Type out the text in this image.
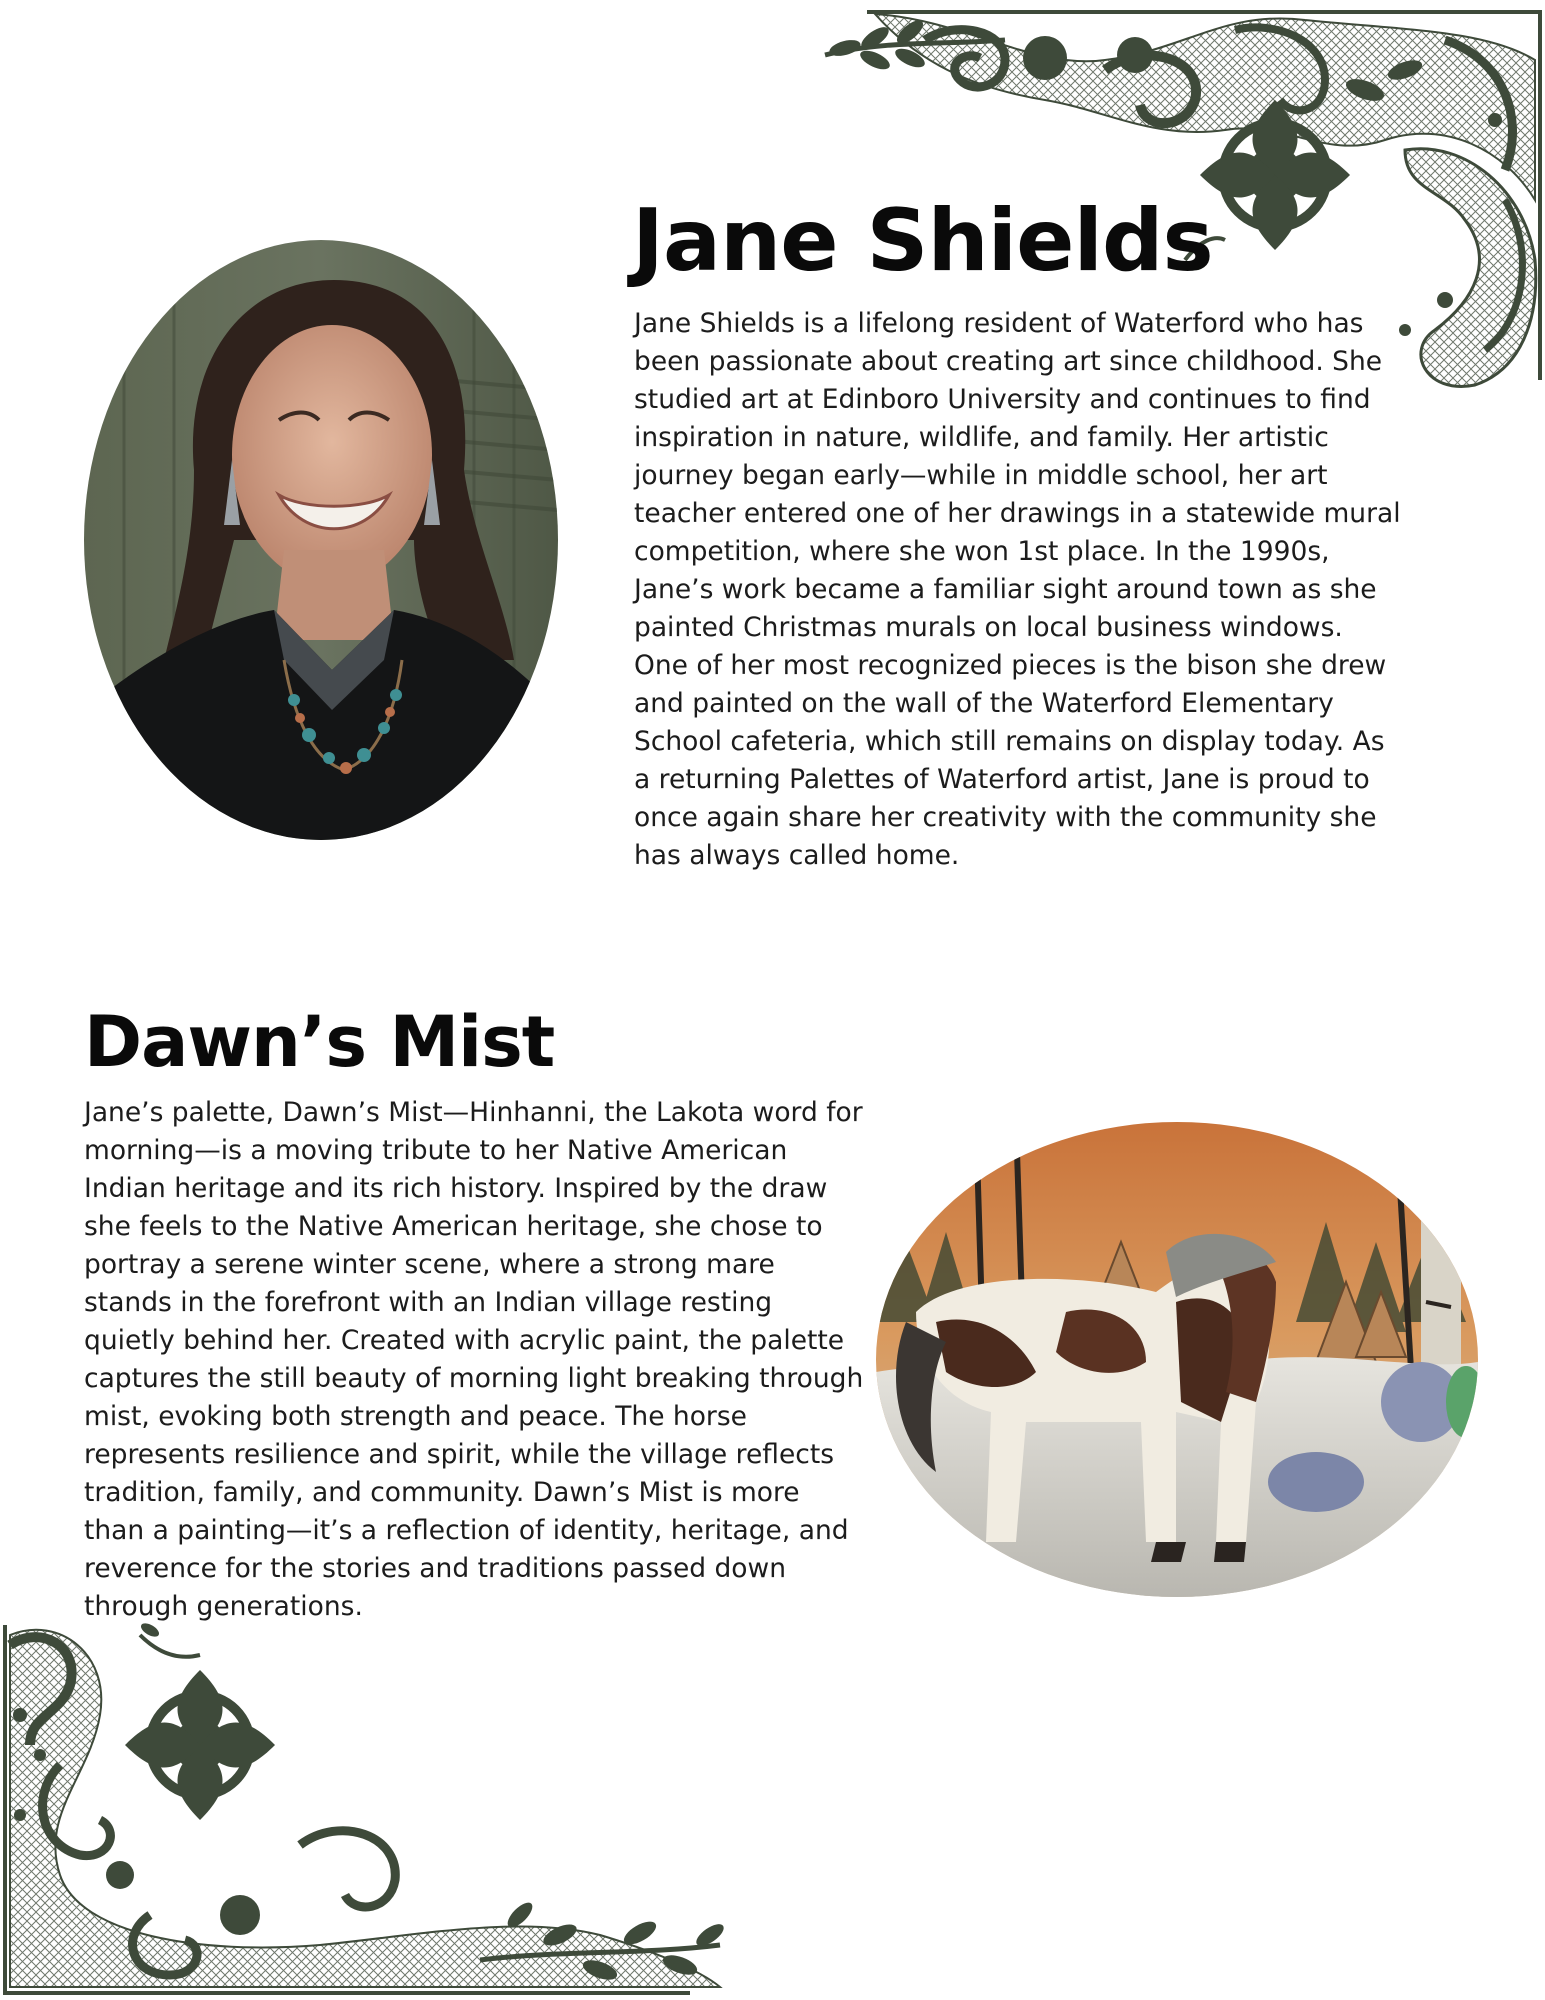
Jane Shields

Jane Shields is a lifelong resident of Waterford who has been passionate about creating art since childhood. She studied art at Edinboro University and continues to find inspiration in nature, wildlife, and family. Her artistic journey began early—while in middle school, her art teacher entered one of her drawings in a statewide mural competition, where she won 1st place. In the 1990s, Jane’s work became a familiar sight around town as she painted Christmas murals on local business windows. One of her most recognized pieces is the bison she drew and painted on the wall of the Waterford Elementary School cafeteria, which still remains on display today. As a returning Palettes of Waterford artist, Jane is proud to once again share her creativity with the community she has always called home.

Dawn’s Mist

Jane’s palette, Dawn’s Mist—Hinhanni, the Lakota word for morning—is a moving tribute to her Native American Indian heritage and its rich history. Inspired by the draw she feels to the Native American heritage, she chose to portray a serene winter scene, where a strong mare stands in the forefront with an Indian village resting quietly behind her. Created with acrylic paint, the palette captures the still beauty of morning light breaking through mist, evoking both strength and peace. The horse represents resilience and spirit, while the village reflects tradition, family, and community. Dawn’s Mist is more than a painting—it’s a reflection of identity, heritage, and reverence for the stories and traditions passed down through generations.
